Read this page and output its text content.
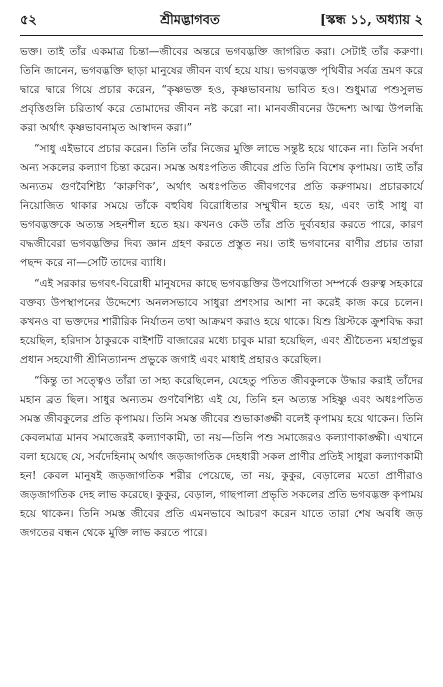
৫২	শ্রীমদ্ভাগবত	[স্কন্ধ ১১, অধ্যায় ২

ভক্ত। তাই তাঁর একমাত্র চিন্তা—জীবের অন্তরে ভগবদ্ভক্তি জাগরিত করা। সেটাই তাঁর করুণা। তিনি জানেন, ভগবদ্ভক্তি ছাড়া মানুষের জীবন ব্যর্থ হয়ে যায়। ভগবদ্ভক্ত পৃথিবীর সর্বত্র ভ্রমণ করে দ্বারে দ্বারে গিয়ে প্রচার করেন, “কৃষ্ণভক্ত হও, কৃষ্ণভাবনায় ভাবিত হও। শুধুমাত্র পশুসুলভ প্রবৃত্তিগুলি চরিতার্থ করে তোমাদের জীবন নষ্ট করো না। মানবজীবনের উদ্দেশ্য আত্ম উপলব্ধি করা অর্থাৎ কৃষ্ণভাবনামৃত আস্বাদন করা।”

“সাধু এইভাবে প্রচার করেন। তিনি তাঁর নিজের মুক্তি লাভে সন্তুষ্ট হয়ে থাকেন না। তিনি সর্বদা অন্য সকলের কল্যাণ চিন্তা করেন। সমস্ত অধঃপতিত জীবের প্রতি তিনি বিশেষ কৃপাময়। তাই তাঁর অন্যতম গুণবৈশিষ্ট্য ‘কারুণিক’, অর্থাৎ অধঃপতিত জীবগণের প্রতি করুণাময়। প্রচারকার্যে নিয়োজিত থাকার সময়ে তাঁকে বহুবিধ বিরোধিতার সম্মুখীন হতে হয়, এবং তাই সাধু বা ভগবদ্ভক্তকে অত্যন্ত সহনশীল হতে হয়। কখনও কেউ তাঁর প্রতি দুর্ব্যবহার করতে পারে, কারণ বদ্ধজীবেরা ভগবদ্ভক্তির দিব্য জ্ঞান গ্রহণ করতে প্রস্তুত নয়। তাই ভগবানের বাণীর প্রচার তারা পছন্দ করে না—সেটি তাদের ব্যাধি।

“এই সরকার ভগবৎ-বিরোধী মানুষদের কাছে ভগবদ্ভক্তির উপযোগিতা সম্পর্কে গুরুত্ব সহকারে বক্তব্য উপস্থাপনের উদ্দেশ্যে অনলসভাবে সাধুরা প্রশংসার আশা না করেই কাজ করে চলেন। কখনও বা ভক্তদের শারীরিক নির্যাতন তথা আক্রমণ করাও হয়ে থাকে। যিশু খ্রিস্টকে ক্রুশবিদ্ধ করা হয়েছিল, হরিদাস ঠাকুরকে বাইশটি বাজারের মধ্যে চাবুক মারা হয়েছিল, এবং শ্রীচৈতন্য মহাপ্রভুর প্রধান সহযোগী শ্রীনিত্যানন্দ প্রভুকে জগাই এবং মাধাই প্রহারও করেছিল।

“কিন্তু তা সত্ত্বেও তাঁরা তা সহ্য করেছিলেন, যেহেতু পতিত জীবকুলকে উদ্ধার করাই তাঁদের মহান ব্রত ছিল। সাধুর অন্যতম গুণবৈশিষ্ট্য এই যে, তিনি হন অত্যন্ত সহিষ্ণু এবং অধঃপতিত সমস্ত জীবকুলের প্রতি কৃপাময়। তিনি সমস্ত জীবের শুভাকাঙ্ক্ষী বলেই কৃপাময় হয়ে থাকেন। তিনি কেবলমাত্র মানব সমাজেরই কল্যাণকামী, তা নয়—তিনি পশু সমাজেরও কল্যাণাকাঙ্ক্ষী। এখানে বলা হয়েছে যে, সর্বদেহিনাম্‌ অর্থাৎ জড়জাগতিক দেহধারী সকল প্রাণীর প্রতিই সাধুরা কল্যাণকামী হন! কেবল মানুষই জড়জাগতিক শরীর পেয়েছে, তা নয়, কুকুর, বেড়ালের মতো প্রাণীরাও জড়জাগতিক দেহ লাভ করেছে। কুকুর, বেড়াল, গাছপালা প্রভৃতি সকলের প্রতি ভগবদ্ভক্ত কৃপাময় হয়ে থাকেন। তিনি সমস্ত জীবের প্রতি এমনভাবে আচরণ করেন যাতে তারা শেষ অবধি জড় জগতের বন্ধন থেকে মুক্তি লাভ করতে পারে।
